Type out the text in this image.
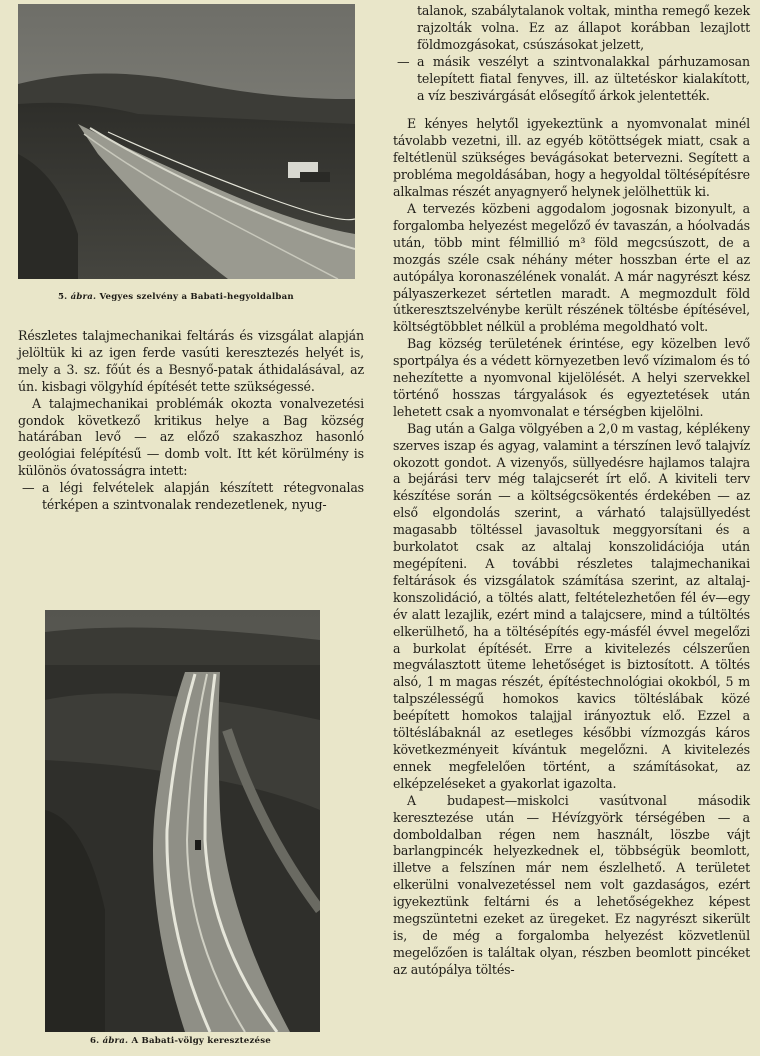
5. ábra. Vegyes szelvény a Babati-hegyoldalban

Részletes talajmechanikai feltárás és vizsgálat alapján jelöltük ki az igen ferde vasúti keresztezés helyét is, mely a 3. sz. főút és a Besnyő-patak áthidalásával, az ún. kisbagi völgyhíd építését tette szükségessé.

A talajmechanikai problémák okozta vonalvezetési gondok következő kritikus helye a Bag község határában levő — az előző szakaszhoz hasonló geológiai felépítésű — domb volt. Itt két körülmény is különös óvatosságra intett:

— a légi felvételek alapján készített rétegvonalas térképen a szintvonalak rendezetlenek, nyug-
6. ábra. A Babati-völgy keresztezése

talanok, szabálytalanok voltak, mintha remegő kezek rajzolták volna. Ez az állapot korábban lezajlott földmozgásokat, csúszásokat jelzett,

— a másik veszélyt a szintvonalakkal párhuzamosan telepített fiatal fenyves, ill. az ültetéskor kialakított, a víz beszivárgását elősegítő árkok jelentették.

E kényes helytől igyekeztünk a nyomvonalat minél távolabb vezetni, ill. az egyéb kötöttségek miatt, csak a feltétlenül szükséges bevágásokat betervezni. Segített a probléma megoldásában, hogy a hegyoldal töltésépítésre alkalmas részét anyagnyerő helynek jelölhettük ki.

A tervezés közbeni aggodalom jogosnak bizonyult, a forgalomba helyezést megelőző év tavaszán, a hóolvadás után, több mint félmillió m³ föld megcsúszott, de a mozgás széle csak néhány méter hosszban érte el az autópálya koronaszélének vonalát. A már nagyrészt kész pályaszerkezet sértetlen maradt. A megmozdult föld útkeresztszelvénybe került részének töltésbe építésével, költségtöbblet nélkül a probléma megoldható volt.

Bag község területének érintése, egy közelben levő sportpálya és a védett környezetben levő vízimalom és tó nehezítette a nyomvonal kijelölését. A helyi szervekkel történő hosszas tárgyalások és egyeztetések után lehetett csak a nyomvonalat e térségben kijelölni.

Bag után a Galga völgyében a 2,0 m vastag, képlékeny szerves iszap és agyag, valamint a térszínen levő talajvíz okozott gondot. A vizenyős, süllyedésre hajlamos talajra a bejárási terv még talajcserét írt elő. A kiviteli terv készítése során — a költségcsökentés érdekében — az első elgondolás szerint, a várható talajsüllyedést magasabb töltéssel javasoltuk meggyorsítani és a burkolatot csak az altalaj konszolidációja után megépíteni. A további részletes talajmechanikai feltárások és vizsgálatok számítása szerint, az altalaj-konszolidáció, a töltés alatt, feltételezhetően fél év—egy év alatt lezajlik, ezért mind a talajcsere, mind a túltöltés elkerülhető, ha a töltésépítés egy-másfél évvel megelőzi a burkolat építését. Erre a kivitelezés célszerűen megválasztott üteme lehetőséget is biztosított. A töltés alsó, 1 m magas részét, építéstechnológiai okokból, 5 m talpszélességű homokos kavics töltéslábak közé beépített homokos talajjal irányoztuk elő. Ezzel a töltéslábaknál az esetleges későbbi vízmozgás káros következményeit kívántuk megelőzni. A kivitelezés ennek megfelelően történt, a számításokat, az elképzeléseket a gyakorlat igazolta.

A budapest—miskolci vasútvonal második keresztezése után — Hévízgyörk térségében — a domboldalban régen nem használt, löszbe vájt barlangpincék helyezkednek el, többségük beomlott, illetve a felszínen már nem észlelhető. A területet elkerülni vonalvezetéssel nem volt gazdaságos, ezért igyekeztünk feltárni és a lehetőségekhez képest megszüntetni ezeket az üregeket. Ez nagyrészt sikerült is, de még a forgalomba helyezést közvetlenül megelőzően is találtak olyan, részben beomlott pincéket az autópálya töltés-
